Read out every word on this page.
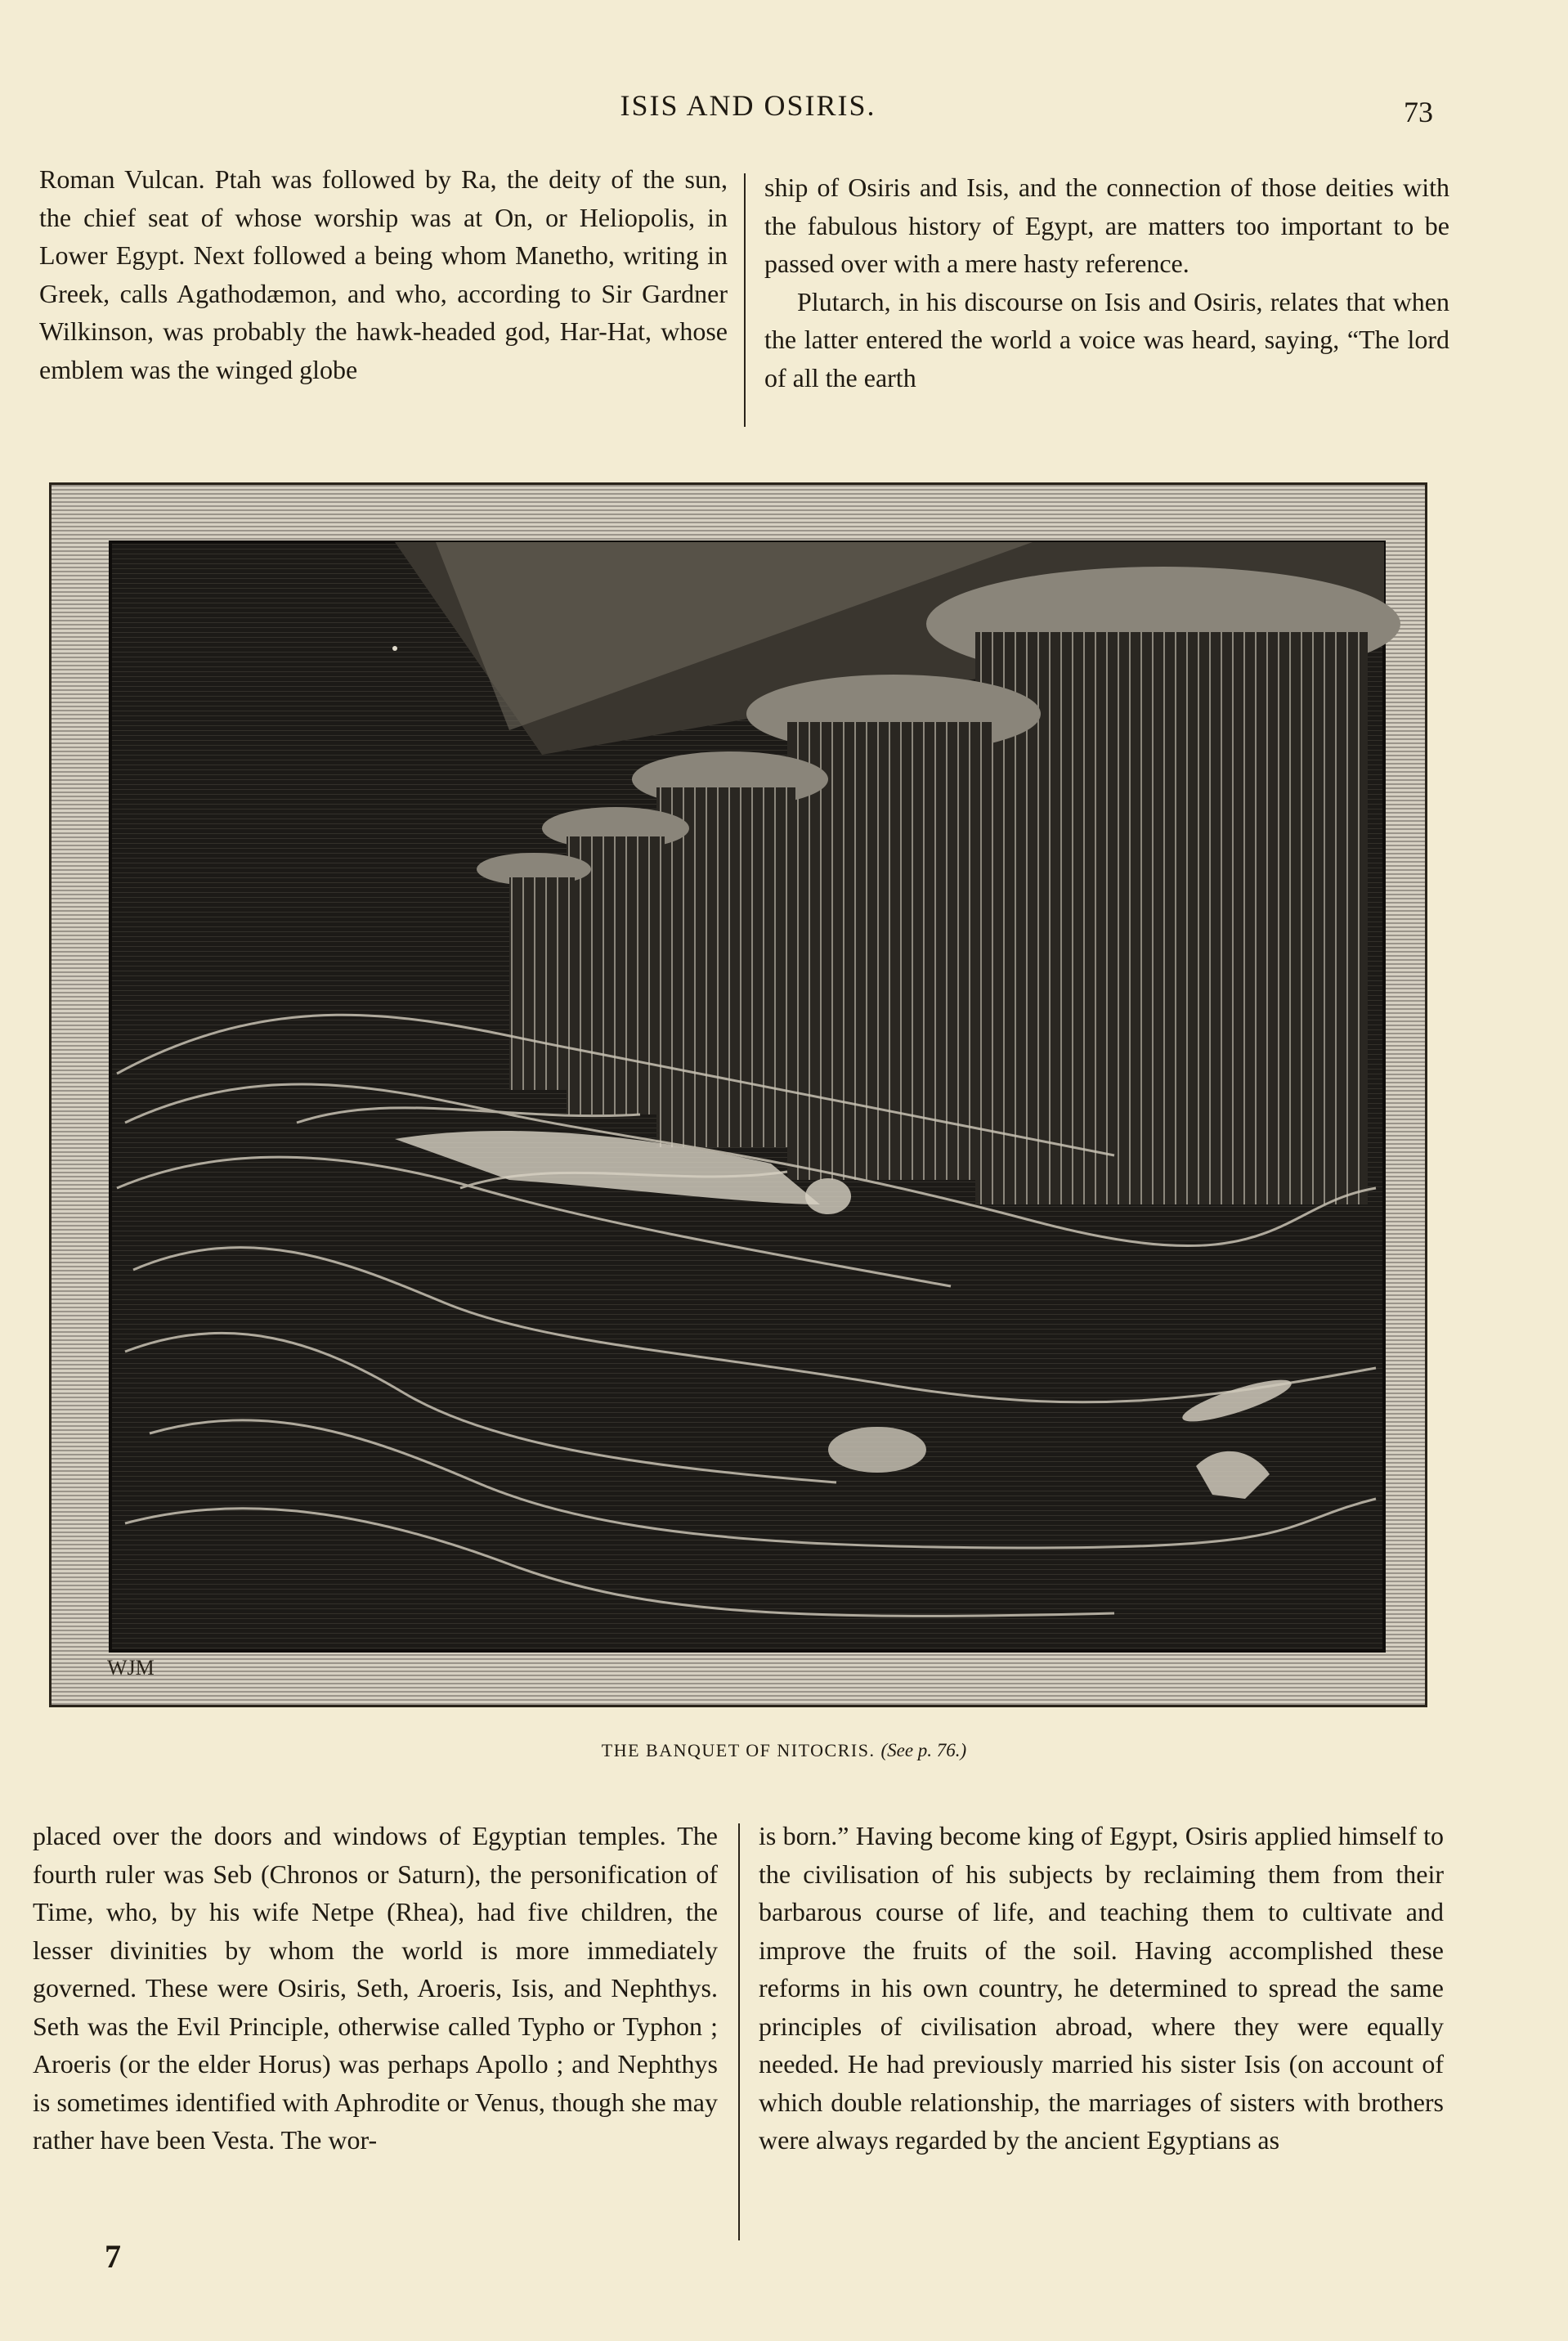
ISIS AND OSIRIS.	73

Roman Vulcan. Ptah was followed by Ra, the deity of the sun, the chief seat of whose worship was at On, or Heliopolis, in Lower Egypt. Next followed a being whom Manetho, writing in Greek, calls Agathodæmon, and who, according to Sir Gardner Wilkinson, was probably the hawk-headed god, Har-Hat, whose emblem was the winged globe

ship of Osiris and Isis, and the connection of those deities with the fabulous history of Egypt, are matters too important to be passed over with a mere hasty reference.

Plutarch, in his discourse on Isis and Osiris, relates that when the latter entered the world a voice was heard, saying, “The lord of all the earth

WJM
THE BANQUET OF NITOCRIS. (See p. 76.)

placed over the doors and windows of Egyptian temples. The fourth ruler was Seb (Chronos or Saturn), the personification of Time, who, by his wife Netpe (Rhea), had five children, the lesser divinities by whom the world is more immediately governed. These were Osiris, Seth, Aroeris, Isis, and Nephthys. Seth was the Evil Principle, otherwise called Typho or Typhon ; Aroeris (or the elder Horus) was perhaps Apollo ; and Nephthys is sometimes identified with Aphrodite or Venus, though she may rather have been Vesta. The wor-

is born.” Having become king of Egypt, Osiris applied himself to the civilisation of his subjects by reclaiming them from their barbarous course of life, and teaching them to cultivate and improve the fruits of the soil. Having accomplished these reforms in his own country, he determined to spread the same principles of civilisation abroad, where they were equally needed. He had previously married his sister Isis (on account of which double relationship, the marriages of sisters with brothers were always regarded by the ancient Egyptians as

7
